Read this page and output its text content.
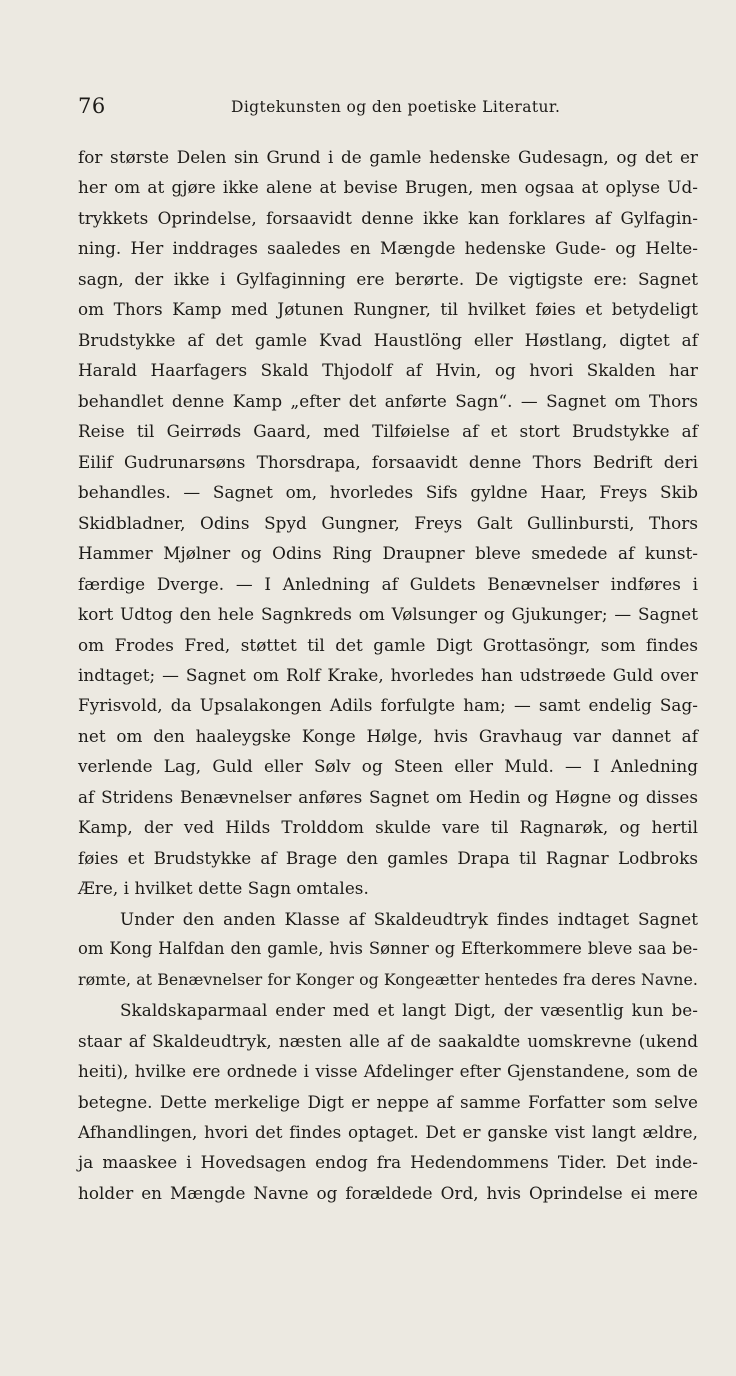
76	Digtekunsten og den poetiske Literatur.
for største Delen sin Grund i de gamle hedenske Gudesagn, og det er
her om at gjøre ikke alene at bevise Brugen, men ogsaa at oplyse Ud-
trykkets Oprindelse, forsaavidt denne ikke kan forklares af Gylfagin-
ning. Her inddrages saaledes en Mængde hedenske Gude- og Helte-
sagn, der ikke i Gylfaginning ere berørte. De vigtigste ere: Sagnet
om Thors Kamp med Jøtunen Rungner, til hvilket føies et betydeligt
Brudstykke af det gamle Kvad Haustlöng eller Høstlang, digtet af
Harald Haarfagers Skald Thjodolf af Hvin, og hvori Skalden har
behandlet denne Kamp „efter det anførte Sagn“. — Sagnet om Thors
Reise til Geirrøds Gaard, med Tilføielse af et stort Brudstykke af
Eilif Gudrunarsøns Thorsdrapa, forsaavidt denne Thors Bedrift deri
behandles. — Sagnet om, hvorledes Sifs gyldne Haar, Freys Skib
Skidbladner, Odins Spyd Gungner, Freys Galt Gullinbursti, Thors
Hammer Mjølner og Odins Ring Draupner bleve smedede af kunst-
færdige Dverge. — I Anledning af Guldets Benævnelser indføres i
kort Udtog den hele Sagnkreds om Vølsunger og Gjukunger; — Sagnet
om Frodes Fred, støttet til det gamle Digt Grottasöngr, som findes
indtaget; — Sagnet om Rolf Krake, hvorledes han udstrøede Guld over
Fyrisvold, da Upsalakongen Adils forfulgte ham; — samt endelig Sag-
net om den haaleygske Konge Hølge, hvis Gravhaug var dannet af
verlende Lag, Guld eller Sølv og Steen eller Muld. — I Anledning
af Stridens Benævnelser anføres Sagnet om Hedin og Høgne og disses
Kamp, der ved Hilds Trolddom skulde vare til Ragnarøk, og hertil
føies et Brudstykke af Brage den gamles Drapa til Ragnar Lodbroks
Ære, i hvilket dette Sagn omtales.
Under den anden Klasse af Skaldeudtryk findes indtaget Sagnet
om Kong Halfdan den gamle, hvis Sønner og Efterkommere bleve saa be-
rømte, at Benævnelser for Konger og Kongeætter hentedes fra deres Navne.
Skaldskaparmaal ender med et langt Digt, der væsentlig kun be-
staar af Skaldeudtryk, næsten alle af de saakaldte uomskrevne (ukend
heiti), hvilke ere ordnede i visse Afdelinger efter Gjenstandene, som de
betegne. Dette merkelige Digt er neppe af samme Forfatter som selve
Afhandlingen, hvori det findes optaget. Det er ganske vist langt ældre,
ja maaskee i Hovedsagen endog fra Hedendommens Tider. Det inde-
holder en Mængde Navne og forældede Ord, hvis Oprindelse ei mere
